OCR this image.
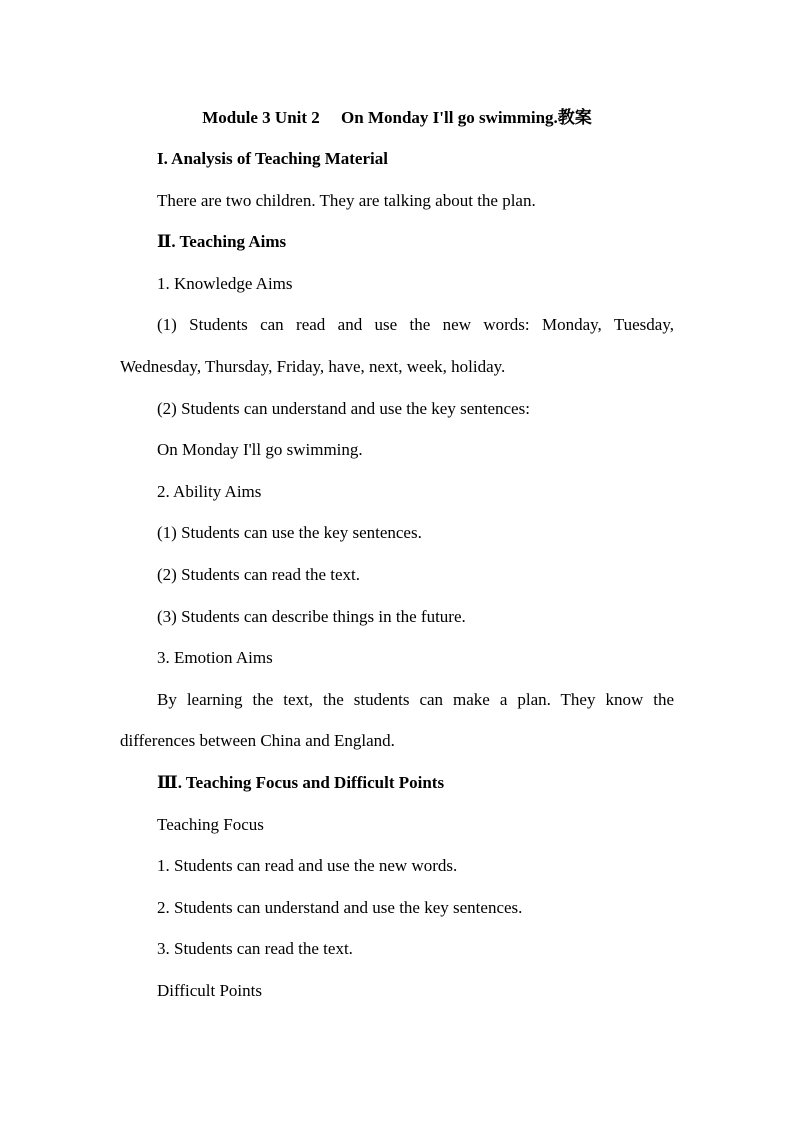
Module 3 Unit 2　 On Monday I'll go swimming.教案
I. Analysis of Teaching Material
There are two children. They are talking about the plan.
Ⅱ. Teaching Aims
1. Knowledge Aims
(1) Students can read and use the new words: Monday, Tuesday,
Wednesday, Thursday, Friday, have, next, week, holiday.
(2) Students can understand and use the key sentences:
On Monday I'll go swimming.
2. Ability Aims
(1) Students can use the key sentences.
(2) Students can read the text.
(3) Students can describe things in the future.
3. Emotion Aims
By learning the text, the students can make a plan. They know the
differences between China and England.
Ⅲ. Teaching Focus and Difficult Points
Teaching Focus
1. Students can read and use the new words.
2. Students can understand and use the key sentences.
3. Students can read the text.
Difficult Points
